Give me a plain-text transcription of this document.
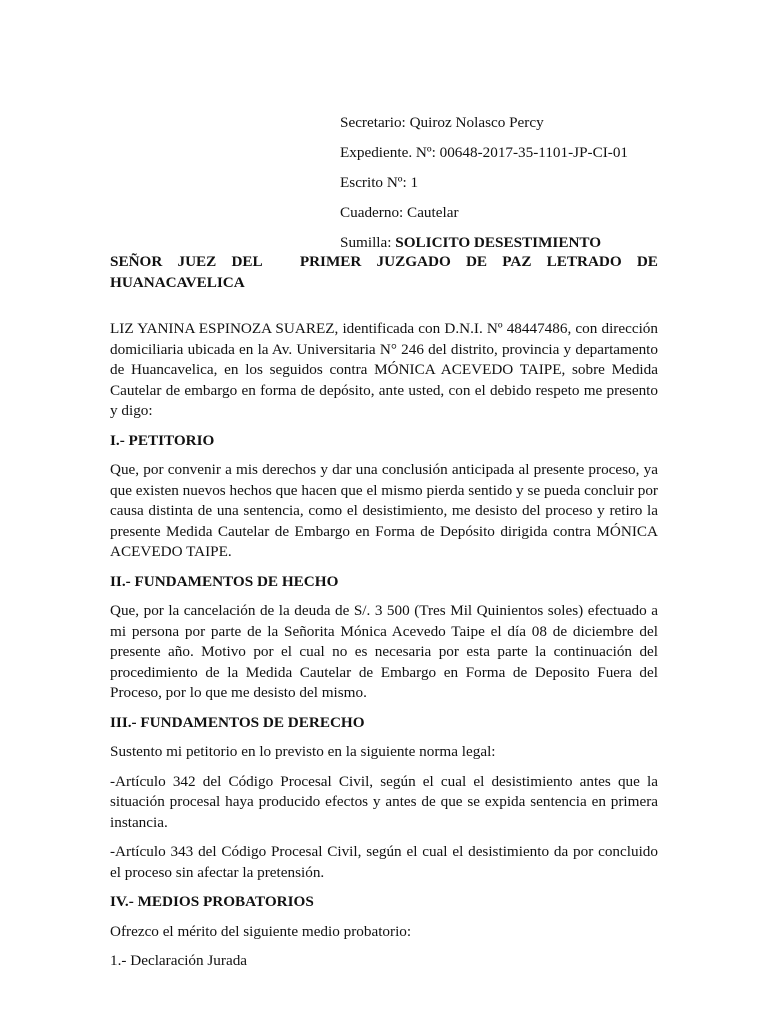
Secretario: Quiroz Nolasco Percy
Expediente. Nº: 00648-2017-35-1101-JP-CI-01
Escrito Nº: 1
Cuaderno: Cautelar
Sumilla: SOLICITO DESESTIMIENTO
SEÑOR JUEZ DEL PRIMER JUZGADO DE PAZ LETRADO DE
HUANACAVELICA

LIZ YANINA ESPINOZA SUAREZ, identificada con D.N.I. Nº 48447486, con dirección domiciliaria ubicada en la Av. Universitaria N° 246 del distrito, provincia y departamento de Huancavelica, en los seguidos contra MÓNICA ACEVEDO TAIPE, sobre Medida Cautelar de embargo en forma de depósito, ante usted, con el debido respeto me presento y digo:

I.- PETITORIO

Que, por convenir a mis derechos y dar una conclusión anticipada al presente proceso, ya que existen nuevos hechos que hacen que el mismo pierda sentido y se pueda concluir por causa distinta de una sentencia, como el desistimiento, me desisto del proceso y retiro la presente Medida Cautelar de Embargo en Forma de Depósito dirigida contra MÓNICA ACEVEDO TAIPE.

II.- FUNDAMENTOS DE HECHO

Que, por la cancelación de la deuda de S/. 3 500 (Tres Mil Quinientos soles) efectuado a mi persona por parte de la Señorita Mónica Acevedo Taipe el día 08 de diciembre del presente año. Motivo por el cual no es necesaria por esta parte la continuación del procedimiento de la Medida Cautelar de Embargo en Forma de Deposito Fuera del Proceso, por lo que me desisto del mismo.

III.- FUNDAMENTOS DE DERECHO

Sustento mi petitorio en lo previsto en la siguiente norma legal:

-Artículo 342 del Código Procesal Civil, según el cual el desistimiento antes que la situación procesal haya producido efectos y antes de que se expida sentencia en primera instancia.

-Artículo 343 del Código Procesal Civil, según el cual el desistimiento da por concluido el proceso sin afectar la pretensión.

IV.- MEDIOS PROBATORIOS

Ofrezco el mérito del siguiente medio probatorio:

1.- Declaración Jurada
